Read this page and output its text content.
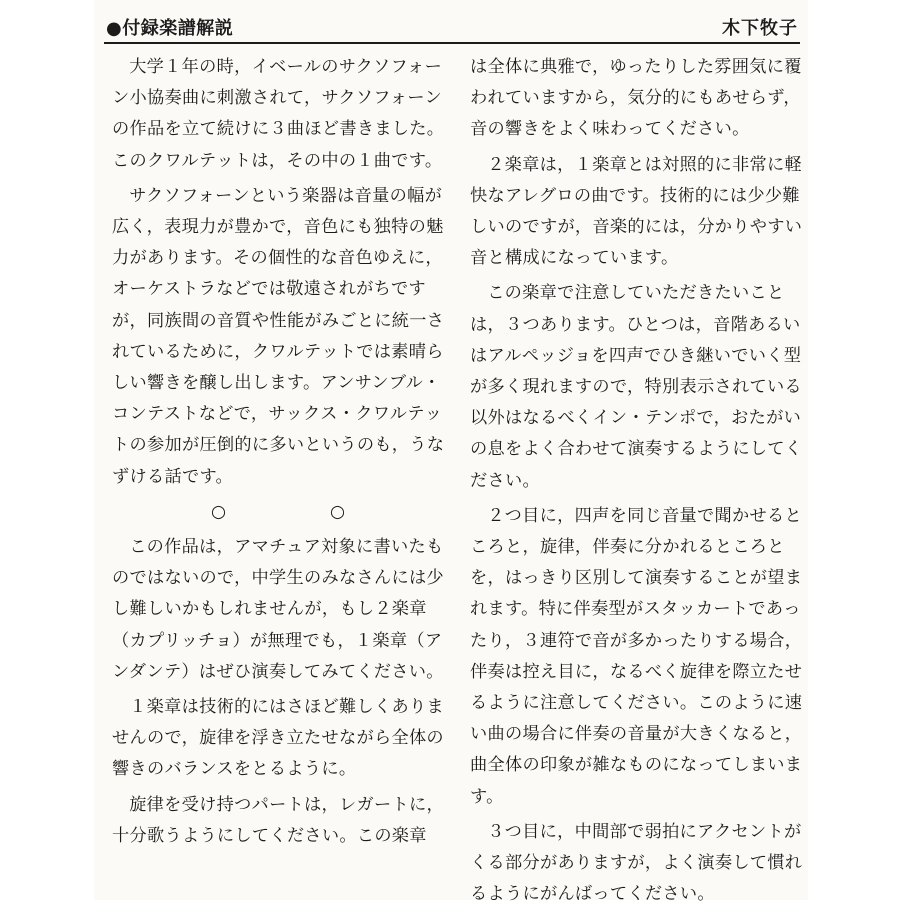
●付録楽譜解説	木下牧子

大学１年の時，イベールのサクソフォーン小協奏曲に刺激されて，サクソフォーンの作品を立て続けに３曲ほど書きました。このクワルテットは，その中の１曲です。

サクソフォーンという楽器は音量の幅が広く，表現力が豊かで，音色にも独特の魅力があります。その個性的な音色ゆえに，オーケストラなどでは敬遠されがちですが，同族間の音質や性能がみごとに統一されているために，クワルテットでは素晴らしい響きを醸し出します。アンサンブル・コンテストなどで，サックス・クワルテットの参加が圧倒的に多いというのも，うなずける話です。

○	○

この作品は，アマチュア対象に書いたものではないので，中学生のみなさんには少し難しいかもしれませんが，もし２楽章（カプリッチョ）が無理でも，１楽章（アンダンテ）はぜひ演奏してみてください。

１楽章は技術的にはさほど難しくありませんので，旋律を浮き立たせながら全体の響きのバランスをとるように。

旋律を受け持つパートは，レガートに，十分歌うようにしてください。この楽章

は全体に典雅で，ゆったりした雰囲気に覆われていますから，気分的にもあせらず，音の響きをよく味わってください。

２楽章は，１楽章とは対照的に非常に軽快なアレグロの曲です。技術的には少少難しいのですが，音楽的には，分かりやすい音と構成になっています。

この楽章で注意していただきたいことは，３つあります。ひとつは，音階あるいはアルペッジョを四声でひき継いでいく型が多く現れますので，特別表示されている以外はなるべくイン・テンポで，おたがいの息をよく合わせて演奏するようにしてください。

２つ目に，四声を同じ音量で聞かせるところと，旋律，伴奏に分かれるところとを，はっきり区別して演奏することが望まれます。特に伴奏型がスタッカートであったり，３連符で音が多かったりする場合，伴奏は控え目に，なるべく旋律を際立たせるように注意してください。このように速い曲の場合に伴奏の音量が大きくなると，曲全体の印象が雑なものになってしまいます。

３つ目に，中間部で弱拍にアクセントがくる部分がありますが，よく演奏して慣れるようにがんばってください。
